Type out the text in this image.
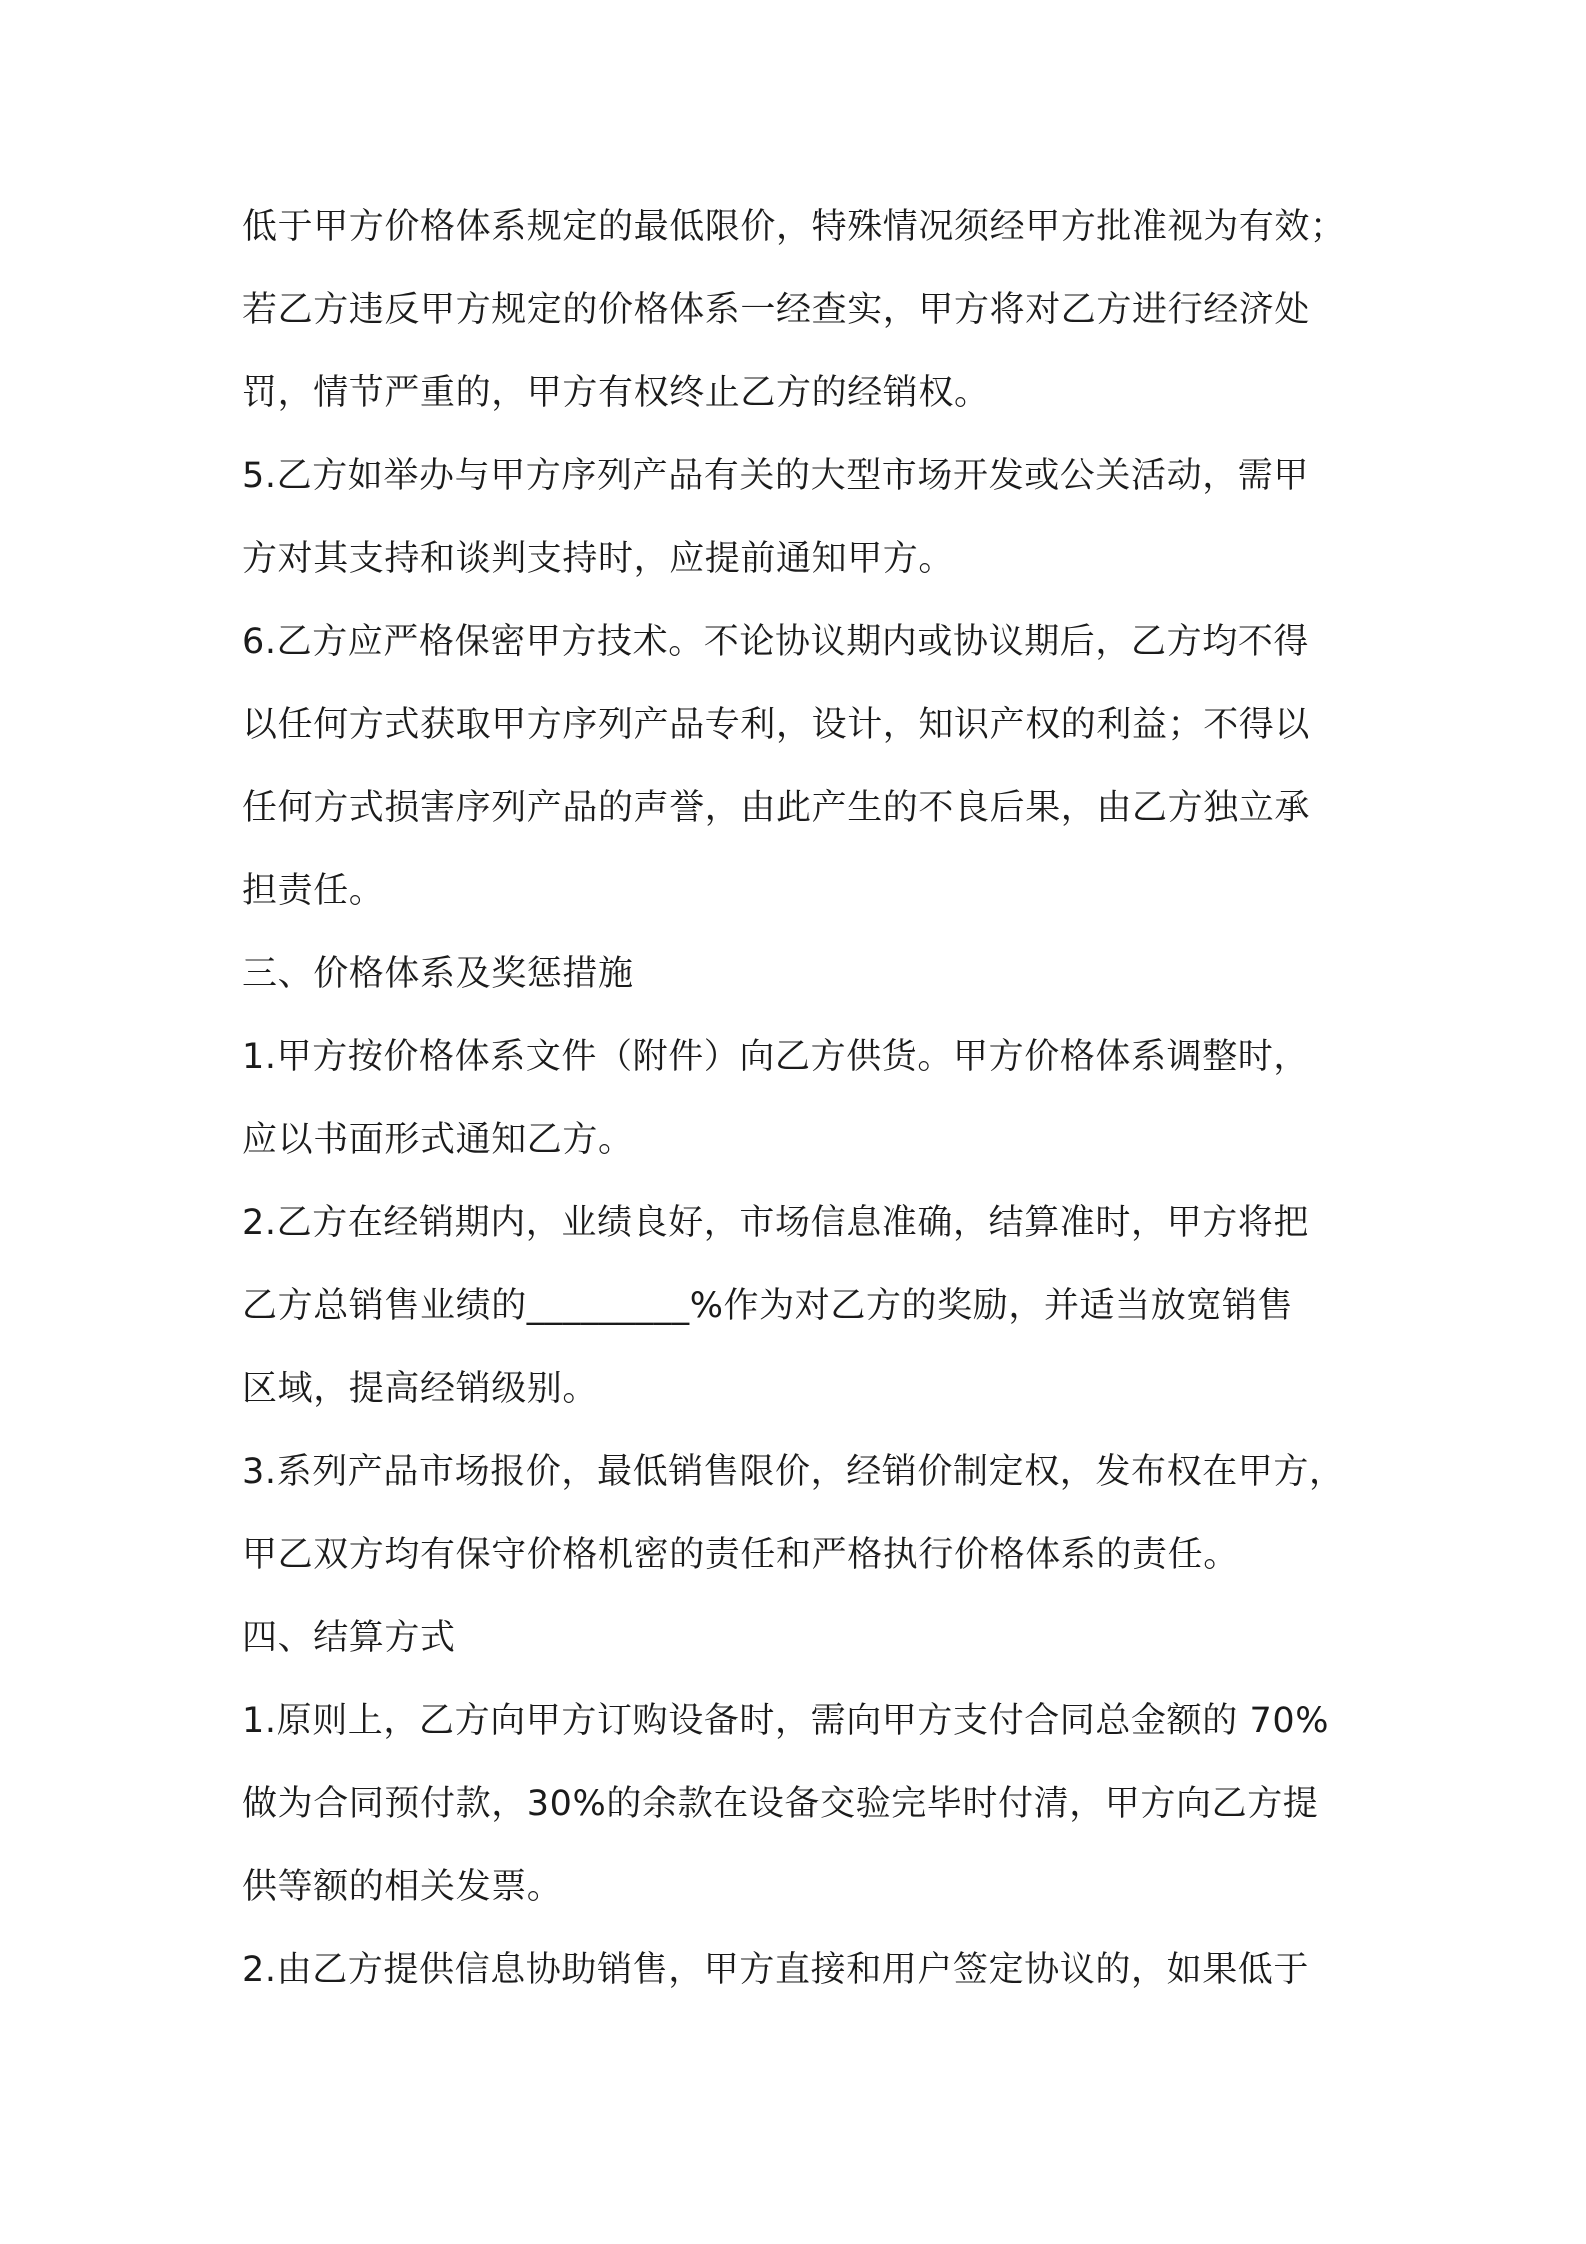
低于甲方价格体系规定的最低限价，特殊情况须经甲方批准视为有效；
若乙方违反甲方规定的价格体系一经查实，甲方将对乙方进行经济处
罚，情节严重的，甲方有权终止乙方的经销权。
5.乙方如举办与甲方序列产品有关的大型市场开发或公关活动，需甲
方对其支持和谈判支持时，应提前通知甲方。
6.乙方应严格保密甲方技术。不论协议期内或协议期后，乙方均不得
以任何方式获取甲方序列产品专利，设计，知识产权的利益；不得以
任何方式损害序列产品的声誉，由此产生的不良后果，由乙方独立承
担责任。
三、价格体系及奖惩措施
1.甲方按价格体系文件（附件）向乙方供货。甲方价格体系调整时，
应以书面形式通知乙方。
2.乙方在经销期内，业绩良好，市场信息准确，结算准时，甲方将把
乙方总销售业绩的_________%作为对乙方的奖励，并适当放宽销售
区域，提高经销级别。
3.系列产品市场报价，最低销售限价，经销价制定权，发布权在甲方，
甲乙双方均有保守价格机密的责任和严格执行价格体系的责任。
四、结算方式
1.原则上，乙方向甲方订购设备时，需向甲方支付合同总金额的 70%
做为合同预付款，30%的余款在设备交验完毕时付清，甲方向乙方提
供等额的相关发票。
2.由乙方提供信息协助销售，甲方直接和用户签定协议的，如果低于
